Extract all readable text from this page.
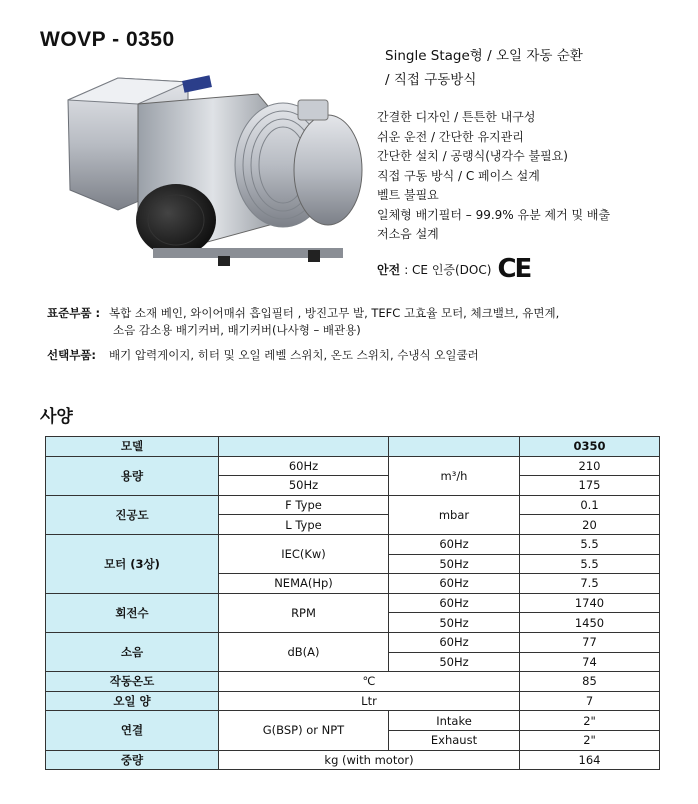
WOVP - 0350
Single Stage형 / 오일 자동 순환
/ 직접 구동방식
간결한 디자인 / 튼튼한 내구성
쉬운 운전 / 간단한 유지관리
간단한 설치 / 공랭식(냉각수 불필요)
직접 구동 방식 / C 페이스 설계
벨트 불필요
일체형 배기필터 – 99.9% 유분 제거 및 배출
저소음 설계
안전 : CE 인증(DOC) CE
표준부품 : 복합 소재 베인, 와이어매쉬 흡입필터 , 방진고무 발, TEFC 고효율 모터, 체크밸브, 유면계,
소음 감소용 배기커버, 배기커버(나사형 – 배관용)
선택부품:	배기 압력게이지, 히터 및 오일 레벨 스위치, 온도 스위치, 수냉식 오일쿨러
사양
모델			0350
용량	60Hz	m³/h	210
	50Hz		175
진공도	F Type	mbar	0.1
	L Type		20
모터 (3상)	IEC(Kw)	60Hz	5.5
		50Hz	5.5
	NEMA(Hp)	60Hz	7.5
회전수	RPM	60Hz	1740
		50Hz	1450
소음	dB(A)	60Hz	77
		50Hz	74
작동온도	℃		85
오일 양	Ltr		7
연결	G(BSP) or NPT	Intake	2"
		Exhaust	2"
중량	kg (with motor)		164
